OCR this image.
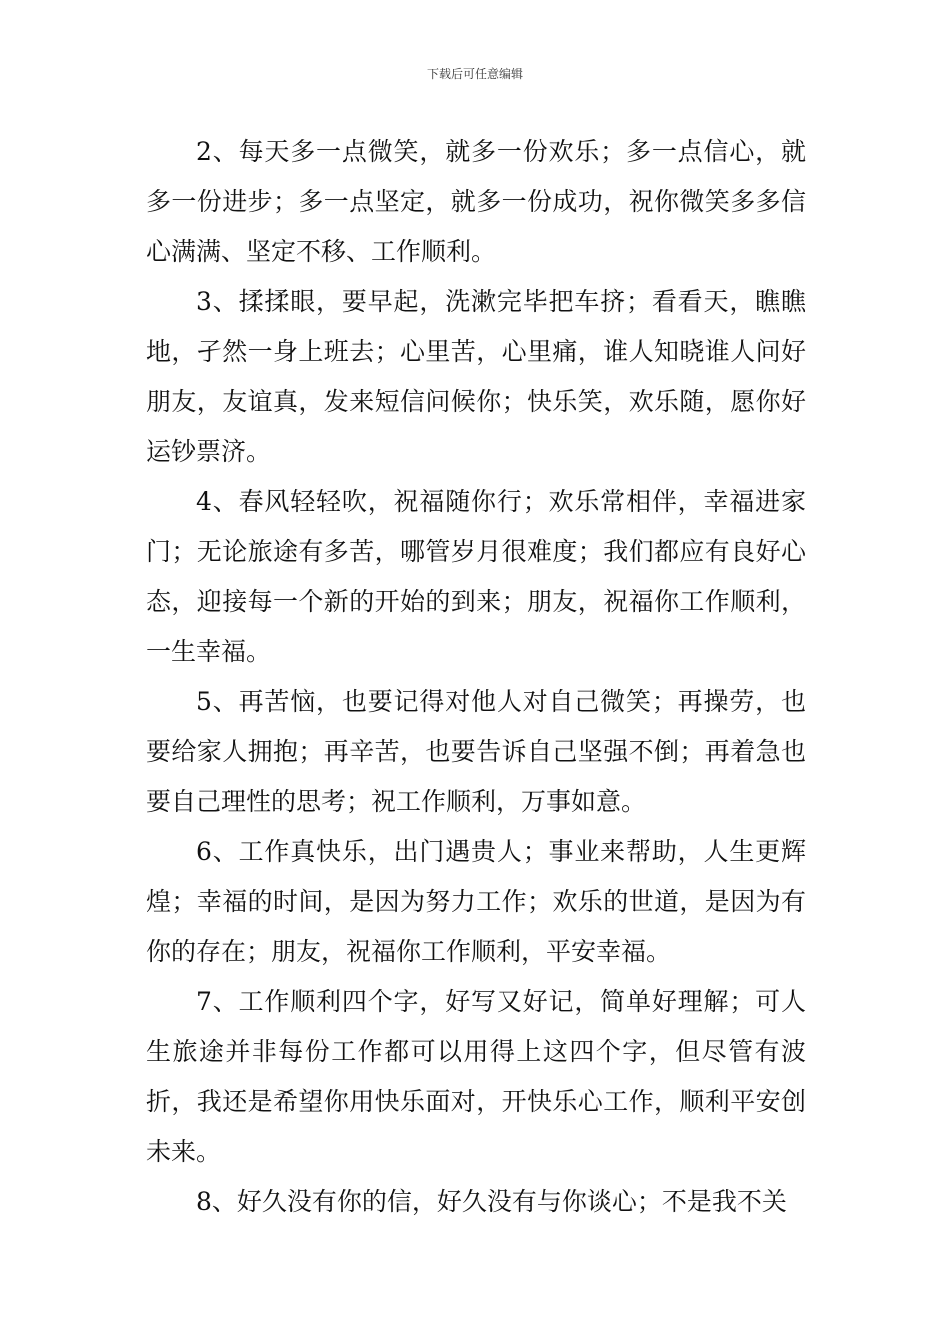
下载后可任意编辑

2、每天多一点微笑，就多一份欢乐；多一点信心，就多一份进步；多一点坚定，就多一份成功，祝你微笑多多信心满满、坚定不移、工作顺利。

3、揉揉眼，要早起，洗漱完毕把车挤；看看天，瞧瞧地，孑然一身上班去；心里苦，心里痛，谁人知晓谁人问好朋友，友谊真，发来短信问候你；快乐笑，欢乐随，愿你好运钞票济。

4、春风轻轻吹，祝福随你行；欢乐常相伴，幸福进家门；无论旅途有多苦，哪管岁月很难度；我们都应有良好心态，迎接每一个新的开始的到来；朋友，祝福你工作顺利，一生幸福。

5、再苦恼，也要记得对他人对自己微笑；再操劳，也要给家人拥抱；再辛苦，也要告诉自己坚强不倒；再着急也要自己理性的思考；祝工作顺利，万事如意。

6、工作真快乐，出门遇贵人；事业来帮助，人生更辉煌；幸福的时间，是因为努力工作；欢乐的世道，是因为有你的存在；朋友，祝福你工作顺利，平安幸福。

7、工作顺利四个字，好写又好记，简单好理解；可人生旅途并非每份工作都可以用得上这四个字，但尽管有波折，我还是希望你用快乐面对，开快乐心工作，顺利平安创未来。

8、好久没有你的信，好久没有与你谈心；不是我不关
